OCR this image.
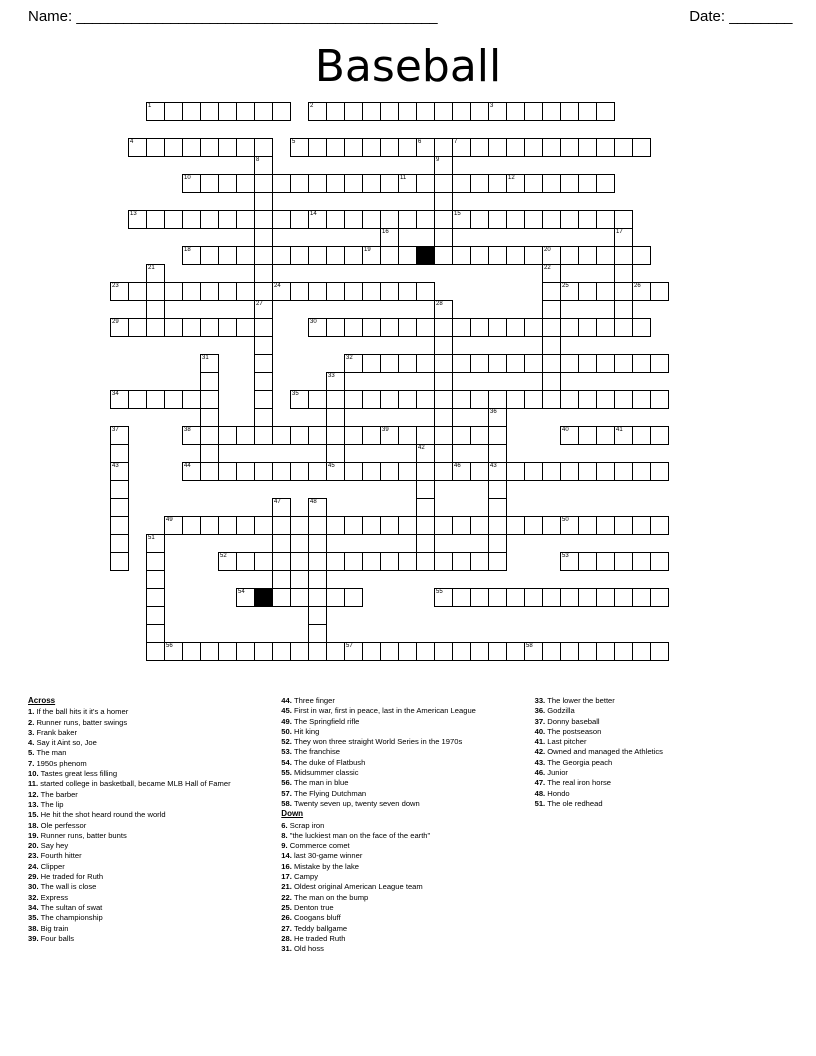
Name: ______________________________________________	Date: ________
Baseball
1	2	3
4	5	6	7
8	9
10	11	12
13	14	15
16	17
18	19	20
21	22
23	24	25	26
27	28
29	30
31	32
33
34	35
36
37	38	39	40	41
42
43	43
44	45	46
47	48
49	50
51
52	53
54	55
56	57	58
Across
1. If the ball hits it it's a homer
2. Runner runs, batter swings
3. Frank baker
4. Say it Aint so, Joe
5. The man
7. 1950s phenom
10. Tastes great less filling
11. started college in basketball, became MLB Hall of Famer
12. The barber
13. The lip
15. He hit the shot heard round the world
18. Ole perfessor
19. Runner runs, batter bunts
20. Say hey
23. Fourth hitter
24. Clipper
29. He traded for Ruth
30. The wall is close
32. Express
34. The sultan of swat
35. The championship
38. Big train
39. Four balls
44. Three finger
45. First in war, first in peace, last in the American League
49. The Springfield rifle
50. Hit king
52. They won three straight World Series in the 1970s
53. The franchise
54. The duke of Flatbush
55. Midsummer classic
56. The man in blue
57. The Flying Dutchman
58. Twenty seven up, twenty seven down
Down
6. Scrap iron
8. "the luckiest man on the face of the earth"
9. Commerce comet
14. last 30-game winner
16. Mistake by the lake
17. Campy
21. Oldest original American League team
22. The man on the bump
25. Denton true
26. Coogans bluff
27. Teddy ballgame
28. He traded Ruth
31. Old hoss
33. The lower the better
36. Godzilla
37. Donny baseball
40. The postseason
41. Last pitcher
42. Owned and managed the Athletics
43. The Georgia peach
46. Junior
47. The real iron horse
48. Hondo
51. The ole redhead
